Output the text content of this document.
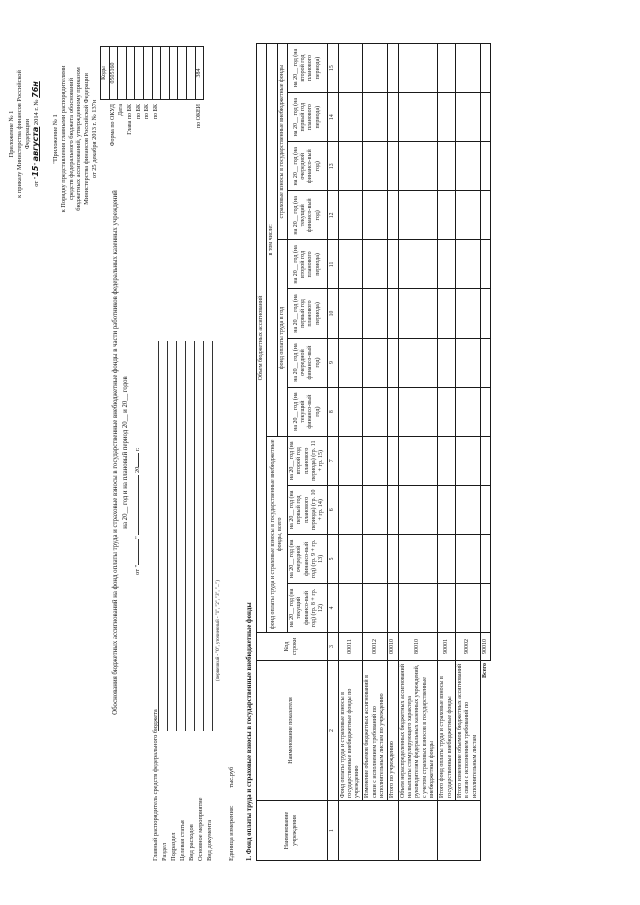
Приложение № 1 к приказу Министерства финансов Российской Федерации
от "15" августа 2014 г. № 76н
"Приложение № 1 к Порядку представления главными распорядителями средств федерального бюджета обоснований бюджетных ассигнований, утвержденному приказом Министерства финансов Российской Федерации от 25 декабря 2013 г. № 137н
Обоснования бюджетных ассигнований на фонд оплаты труда и страховые взносы в государственные внебюджетные фонды в части работников федеральных казенных учреждений на 20__ год и на плановый период 20__ и 20__ годов
от ""  20 г.
	Коды
Форма по ОКУД	0505160
Дата	
Глава по БК	
по БК	
по БК	
по БК	

по ОКЕИ	384
Главный распорядитель средств федерального бюджета Раздел Подраздел Целевая статья Вид расходов Основное мероприятие Вид документа
(первичный - "0", уточненный - "1", "2", "3", "...")
Единица измерения: тыс.руб 1. Фонд оплаты труда и страховые взносы в государственные внебюджетные фонды	Наименование учреждения	Наименование показателя	Код строки	Объем бюджетных ассигнований											
			фонд оплаты труда и страховые взносы в государственные внебюджетные фонды, всего				в том числе:							
							фонд оплаты труда в год				страховые взносы в государственные внебюджетные фонды			
			на 20__ год (на текущий финансо-вый год) (гр. 8 + гр. 12)	на 20__ год (на очередной финансо-вый год) (гр. 9 + гр. 13)	на 20__ год (на первый год планового периода) (гр. 10 + гр. 14)	на 20__ год (на второй год планового периода) (гр. 11 + гр. 15)	на 20__ год (на текущий финансо-вый год)	на 20__ год (на очередной финансо-вый год)	на 20__ год (на первый год планового периода)	на 20__ год (на второй год планового периода)	на 20__ год (на текущий финансо-вый год)	на 20__ год (на очередной финансо-вый год)	на 20__ год (на первый год планового периода)	на 20__ год (на второй год планового периода)
1	2	3	4	5	6	7	8	9	10	11	12	13	14	15
	Фонд оплаты труда и страховые взносы в государственные внебюджетные фонды по учреждению	00011												
	Изменение объемов бюджетных ассигнований в связи с исполнением требований по исполнительным листам по учреждению	00012												
	Итого по учреждению	00010												
	Объем нераспределенных бюджетных ассигнований на выплаты стимулирующего характера руководителям федеральных казенных учреждений, с учетом страховых взносов в государственные внебюджетные фонды	80010												
	Итого фонд оплаты труда и страховые взносы в государственные внебюджетные фонды	90001												
	Итого изменение объемов бюджетных ассигнований в связи с исполнением требований по исполнительным листам	90002												
Всего		90010												
